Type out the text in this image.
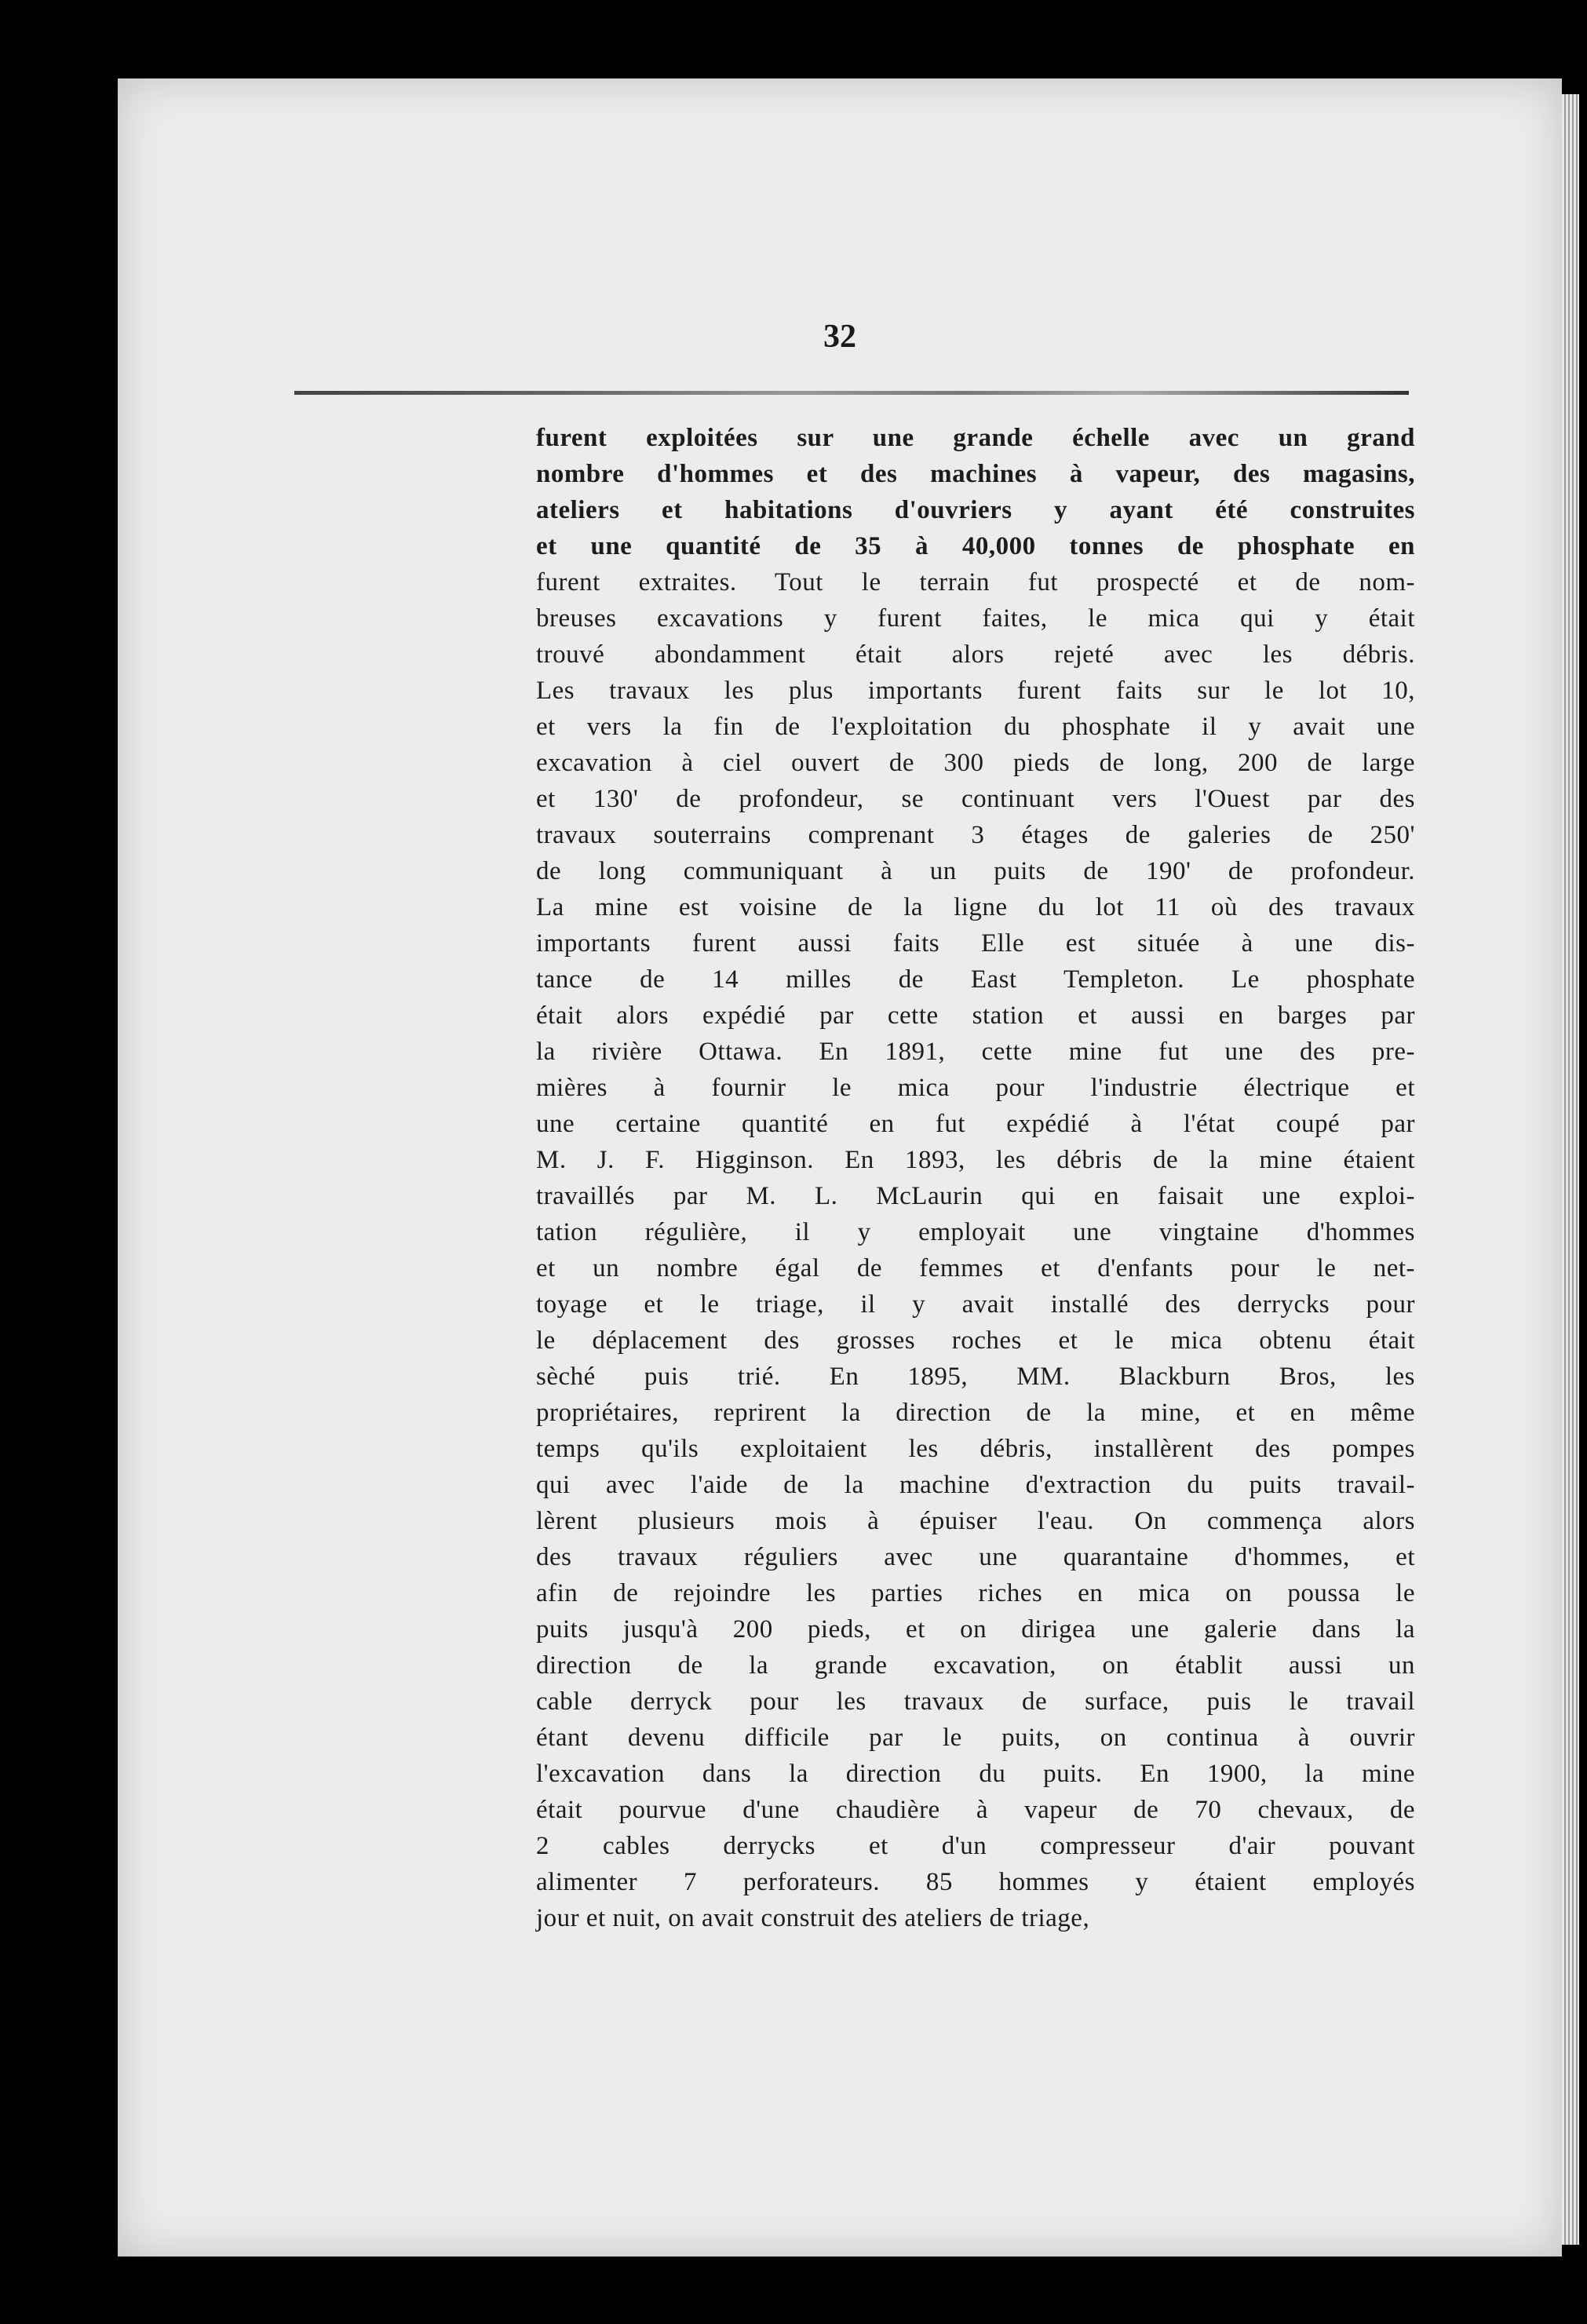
32
furent exploitées sur une grande échelle avec un grand
nombre d'hommes et des machines à vapeur, des magasins,
ateliers et habitations d'ouvriers y ayant été construites
et une quantité de 35 à 40,000 tonnes de phosphate en
furent extraites. Tout le terrain fut prospecté et de nom-
breuses excavations y furent faites, le mica qui y était
trouvé abondamment était alors rejeté avec les débris.
Les travaux les plus importants furent faits sur le lot 10,
et vers la fin de l'exploitation du phosphate il y avait une
excavation à ciel ouvert de 300 pieds de long, 200 de large
et 130' de profondeur, se continuant vers l'Ouest par des
travaux souterrains comprenant 3 étages de galeries de 250'
de long communiquant à un puits de 190' de profondeur.
La mine est voisine de la ligne du lot 11 où des travaux
importants furent aussi faits Elle est située à une dis-
tance de 14 milles de East Templeton. Le phosphate
était alors expédié par cette station et aussi en barges par
la rivière Ottawa. En 1891, cette mine fut une des pre-
mières à fournir le mica pour l'industrie électrique et
une certaine quantité en fut expédié à l'état coupé par
M. J. F. Higginson. En 1893, les débris de la mine étaient
travaillés par M. L. McLaurin qui en faisait une exploi-
tation régulière, il y employait une vingtaine d'hommes
et un nombre égal de femmes et d'enfants pour le net-
toyage et le triage, il y avait installé des derrycks pour
le déplacement des grosses roches et le mica obtenu était
sèché puis trié. En 1895, MM. Blackburn Bros, les
propriétaires, reprirent la direction de la mine, et en même
temps qu'ils exploitaient les débris, installèrent des pompes
qui avec l'aide de la machine d'extraction du puits travail-
lèrent plusieurs mois à épuiser l'eau. On commença alors
des travaux réguliers avec une quarantaine d'hommes, et
afin de rejoindre les parties riches en mica on poussa le
puits jusqu'à 200 pieds, et on dirigea une galerie dans la
direction de la grande excavation, on établit aussi un
cable derryck pour les travaux de surface, puis le travail
étant devenu difficile par le puits, on continua à ouvrir
l'excavation dans la direction du puits. En 1900, la mine
était pourvue d'une chaudière à vapeur de 70 chevaux, de
2 cables derrycks et d'un compresseur d'air pouvant
alimenter 7 perforateurs. 85 hommes y étaient employés
jour et nuit, on avait construit des ateliers de triage,
